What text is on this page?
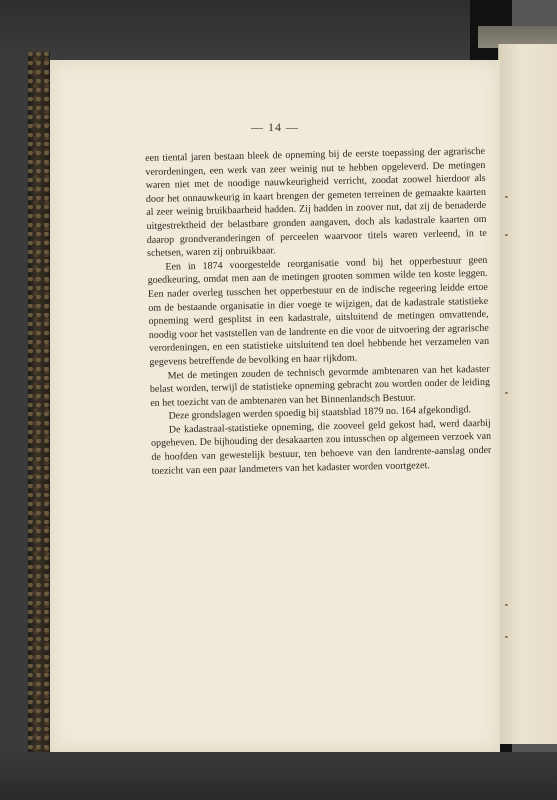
— 14 —

een tiental jaren bestaan bleek de opneming bij de eerste toepassing der agrarische verordeningen, een werk van zeer weinig nut te hebben opgeleverd. De metingen waren niet met de noodige nauwkeurigheid verricht, zoodat zoowel hierdoor als door het onnauwkeurig in kaart brengen der gemeten terreinen de gemaakte kaarten al zeer weinig bruikbaarheid hadden. Zij hadden in zoover nut, dat zij de benaderde uitgestrektheid der belastbare gronden aangaven, doch als kadastrale kaarten om daarop grondveranderingen of perceelen waarvoor titels waren verleend, in te schetsen, waren zij onbruikbaar.

Een in 1874 voorgestelde reorganisatie vond bij het opperbestuur geen goedkeuring, omdat men aan de metingen grooten sommen wilde ten koste leggen. Een nader overleg tusschen het opperbestuur en de indische regeering leidde ertoe om de bestaande organisatie in dier voege te wijzigen, dat de kadastrale statistieke opneming werd gesplitst in een kadastrale, uitsluitend de metingen omvattende, noodig voor het vaststellen van de landrente en die voor de uitvoering der agrarische verordeningen, en een statistieke uitsluitend ten doel hebbende het verzamelen van gegevens betreffende de bevolking en haar rijkdom.

Met de metingen zouden de technisch gevormde ambtenaren van het kadaster belast worden, terwijl de statistieke opneming gebracht zou worden onder de leiding en het toezicht van de ambtenaren van het Binnenlandsch Bestuur.

Deze grondslagen werden spoedig bij staatsblad 1879 no. 164 afgekondigd.

De kadastraal-statistieke opneming, die zooveel geld gekost had, werd daarbij opgeheven. De bijhouding der desakaarten zou intusschen op algemeen verzoek van de hoofden van gewestelijk bestuur, ten behoeve van den landrente-aanslag onder toezicht van een paar landmeters van het kadaster worden voortgezet.
